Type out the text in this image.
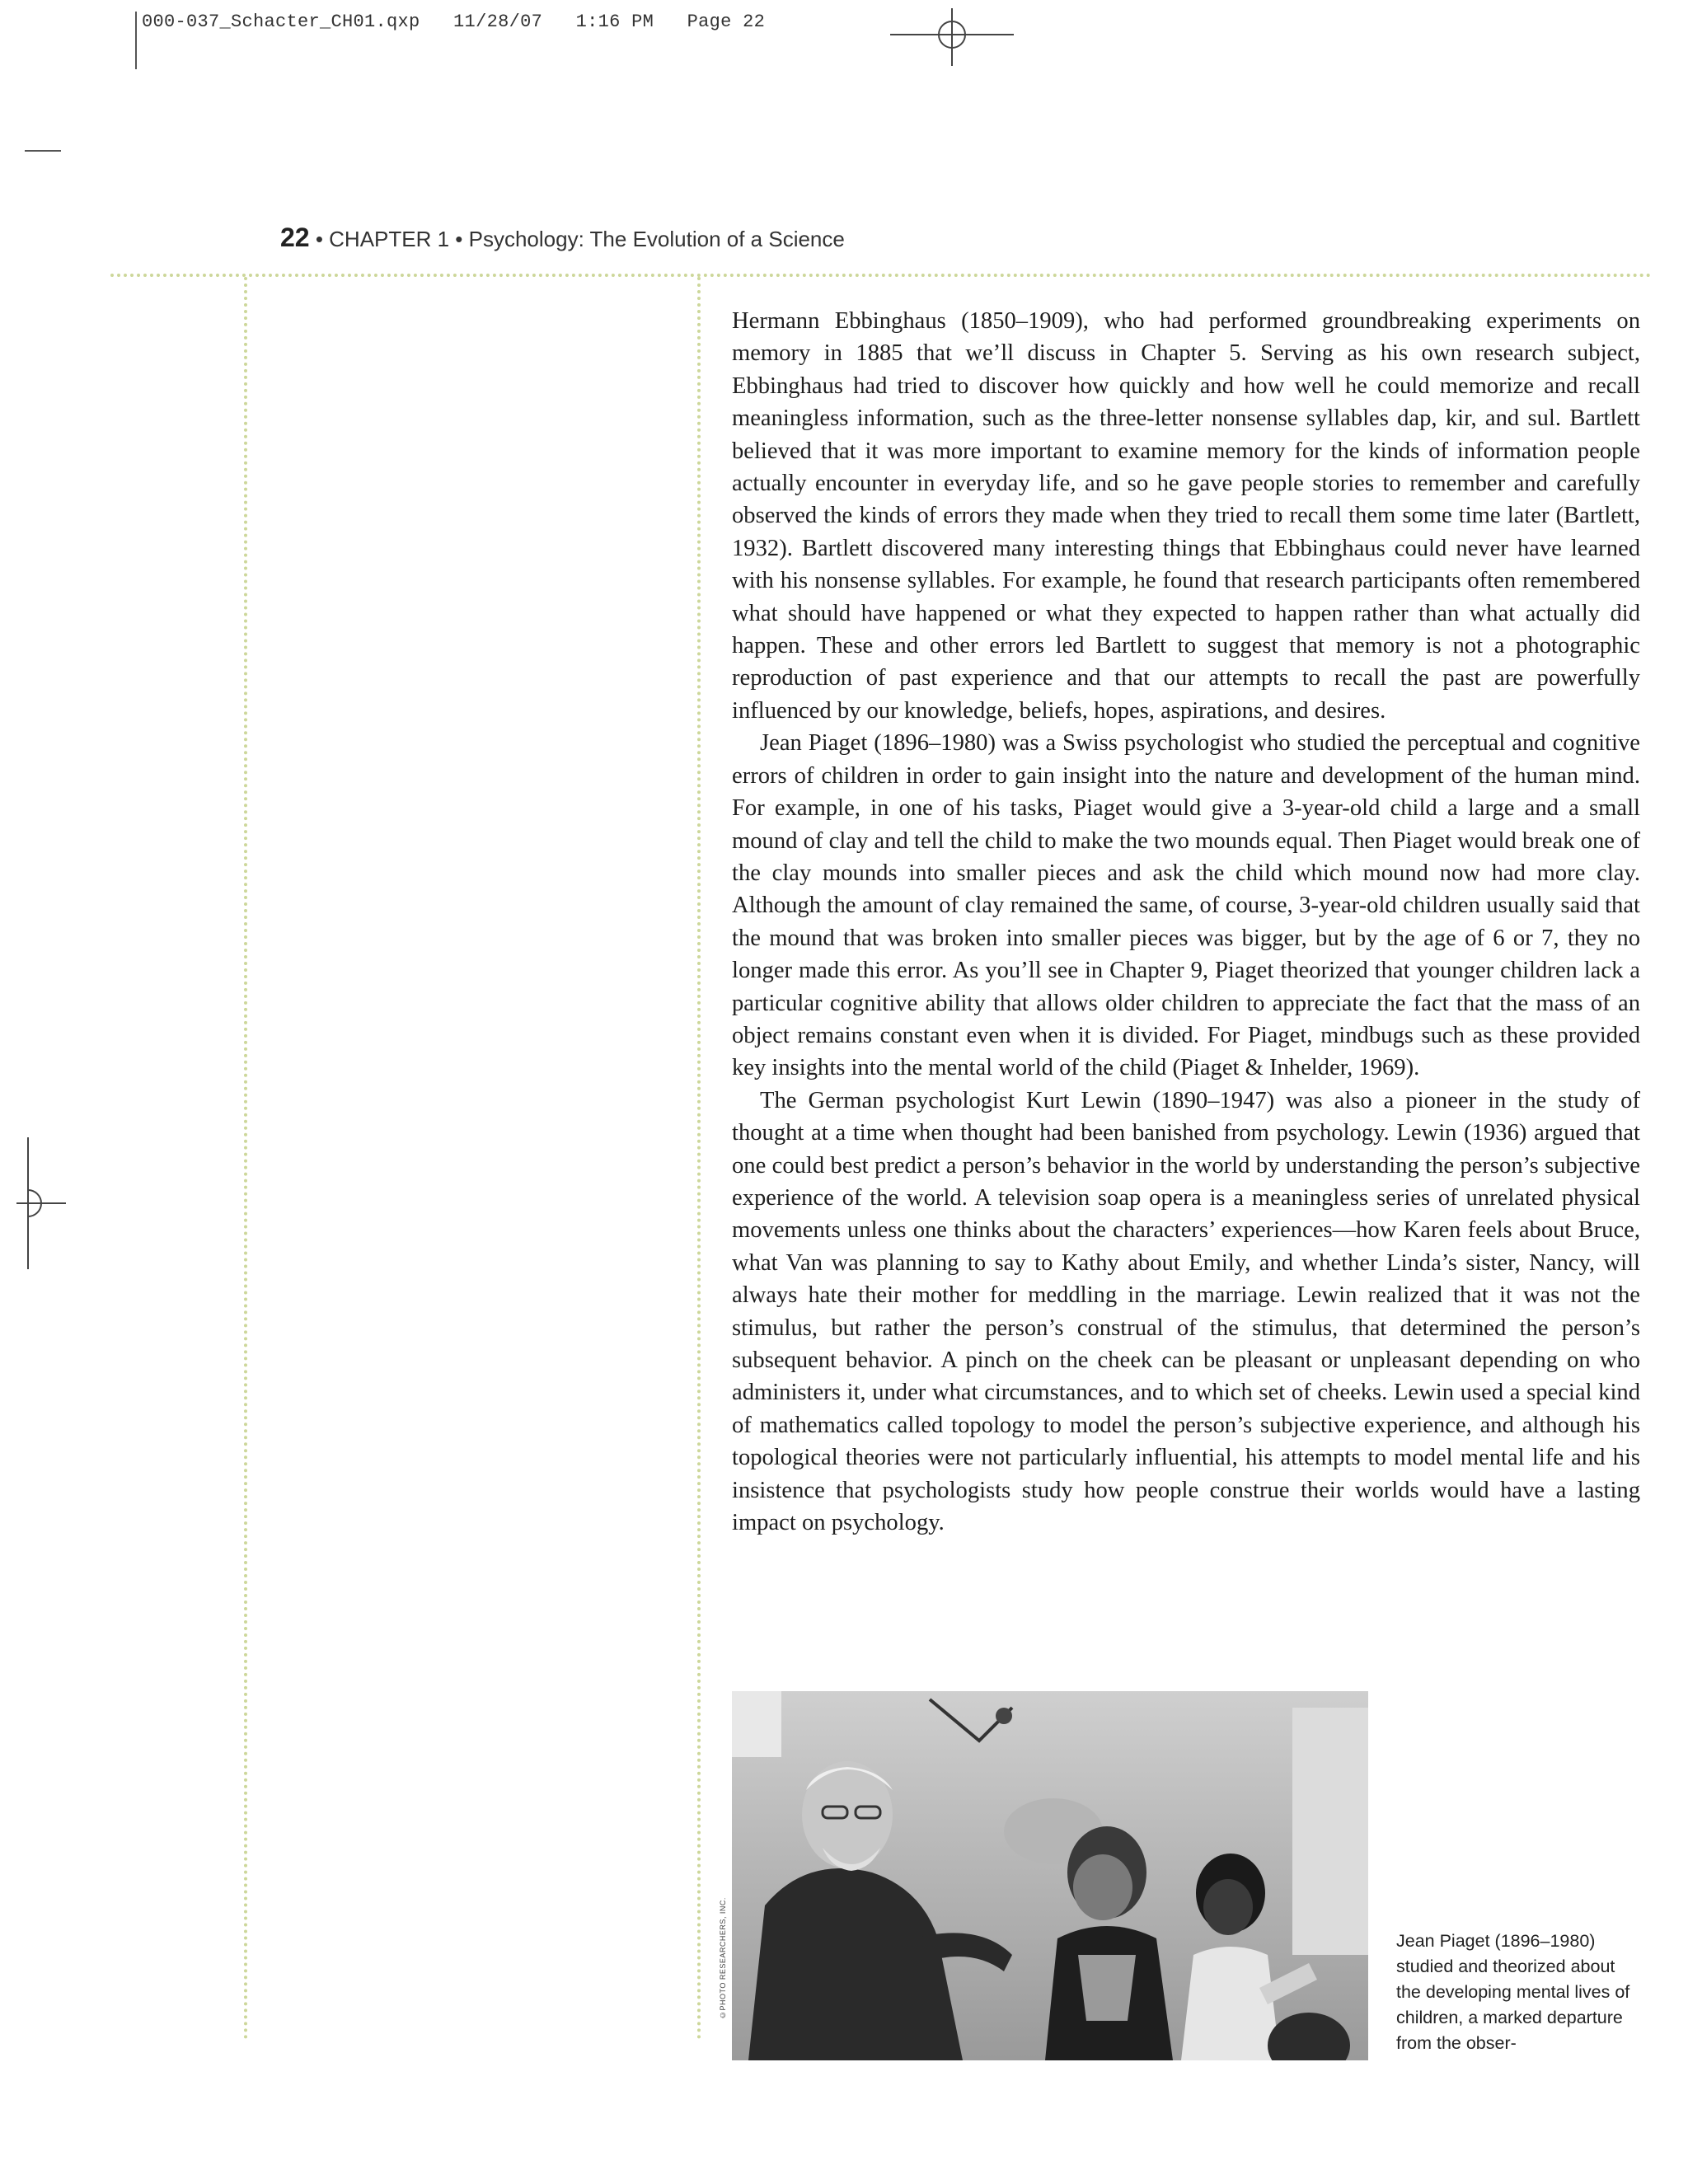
000-037_Schacter_CH01.qxp   11/28/07   1:16 PM   Page 22
22 • CHAPTER 1 • Psychology: The Evolution of a Science

Hermann Ebbinghaus (1850–1909), who had performed groundbreaking experiments on memory in 1885 that we’ll discuss in Chapter 5. Serving as his own research subject, Ebbinghaus had tried to discover how quickly and how well he could memorize and recall meaningless information, such as the three-letter nonsense syllables dap, kir, and sul. Bartlett believed that it was more important to examine memory for the kinds of information people actually encounter in everyday life, and so he gave people stories to remember and carefully observed the kinds of errors they made when they tried to recall them some time later (Bartlett, 1932). Bartlett discovered many interesting things that Ebbinghaus could never have learned with his nonsense syllables. For example, he found that research participants often remembered what should have happened or what they expected to happen rather than what actually did happen. These and other errors led Bartlett to suggest that memory is not a photographic reproduction of past experience and that our attempts to recall the past are powerfully influenced by our knowledge, beliefs, hopes, aspirations, and desires.

Jean Piaget (1896–1980) was a Swiss psychologist who studied the perceptual and cognitive errors of children in order to gain insight into the nature and development of the human mind. For example, in one of his tasks, Piaget would give a 3-year-old child a large and a small mound of clay and tell the child to make the two mounds equal. Then Piaget would break one of the clay mounds into smaller pieces and ask the child which mound now had more clay. Although the amount of clay remained the same, of course, 3-year-old children usually said that the mound that was broken into smaller pieces was bigger, but by the age of 6 or 7, they no longer made this error. As you’ll see in Chapter 9, Piaget theorized that younger children lack a particular cognitive ability that allows older children to appreciate the fact that the mass of an object remains constant even when it is divided. For Piaget, mindbugs such as these provided key insights into the mental world of the child (Piaget & Inhelder, 1969).

The German psychologist Kurt Lewin (1890–1947) was also a pioneer in the study of thought at a time when thought had been banished from psychology. Lewin (1936) argued that one could best predict a person’s behavior in the world by understanding the person’s subjective experience of the world. A television soap opera is a meaningless series of unrelated physical movements unless one thinks about the characters’ experiences—how Karen feels about Bruce, what Van was planning to say to Kathy about Emily, and whether Linda’s sister, Nancy, will always hate their mother for meddling in the marriage. Lewin realized that it was not the stimulus, but rather the person’s construal of the stimulus, that determined the person’s subsequent behavior. A pinch on the cheek can be pleasant or unpleasant depending on who administers it, under what circumstances, and to which set of cheeks. Lewin used a special kind of mathematics called topology to model the person’s subjective experience, and although his topological theories were not particularly influential, his attempts to model mental life and his insistence that psychologists study how people construe their worlds would have a lasting impact on psychology.

©PHOTO RESEARCHERS, INC.	Jean Piaget (1896–1980) studied and theorized about the developing mental lives of children, a marked departure from the obser-
